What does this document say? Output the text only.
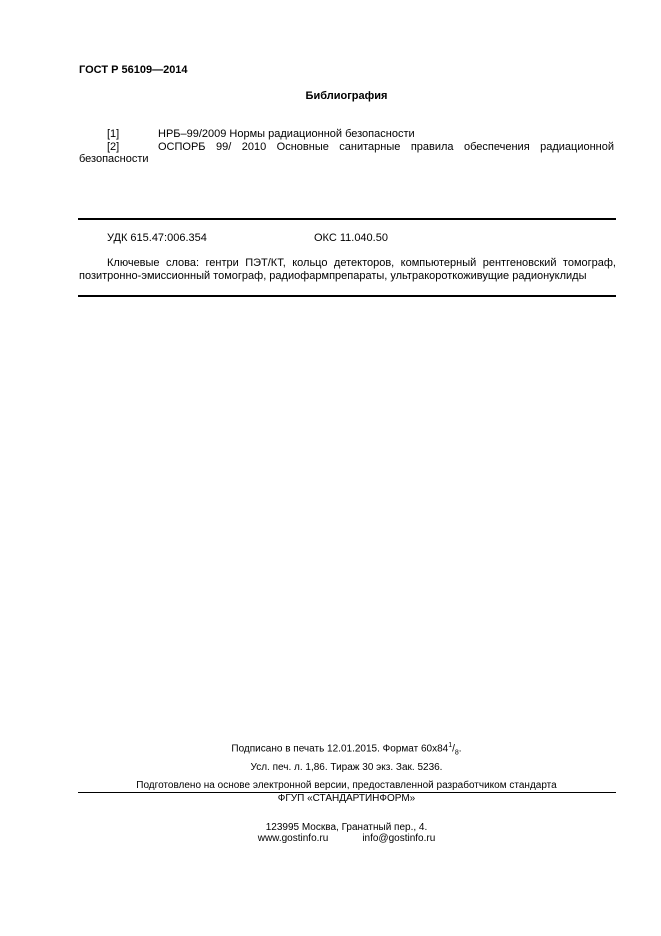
ГОСТ Р 56109—2014
Библиография
[1]	НРБ–99/2009 Нормы радиационной безопасности
[2]	ОСПОРБ 99/ 2010 Основные санитарные правила обеспечения радиационной
безопасности
УДК 615.47:006.354	ОКС 11.040.50
Ключевые слова: гентри ПЭТ/КТ, кольцо детекторов, компьютерный рентгеновский томограф,
позитронно-эмиссионный томограф, радиофармпрепараты, ультракороткоживущие радионуклиды
Подписано в печать 12.01.2015. Формат $60х84^1/_8$.
Усл. печ. л. 1,86. Тираж 30 экз. Зак. 5236.
Подготовлено на основе электронной версии, предоставленной разработчиком стандарта
ФГУП «СТАНДАРТИНФОРМ»
123995 Москва, Гранатный пер., 4.
www.gostinfo.ru	info@gostinfo.ru
